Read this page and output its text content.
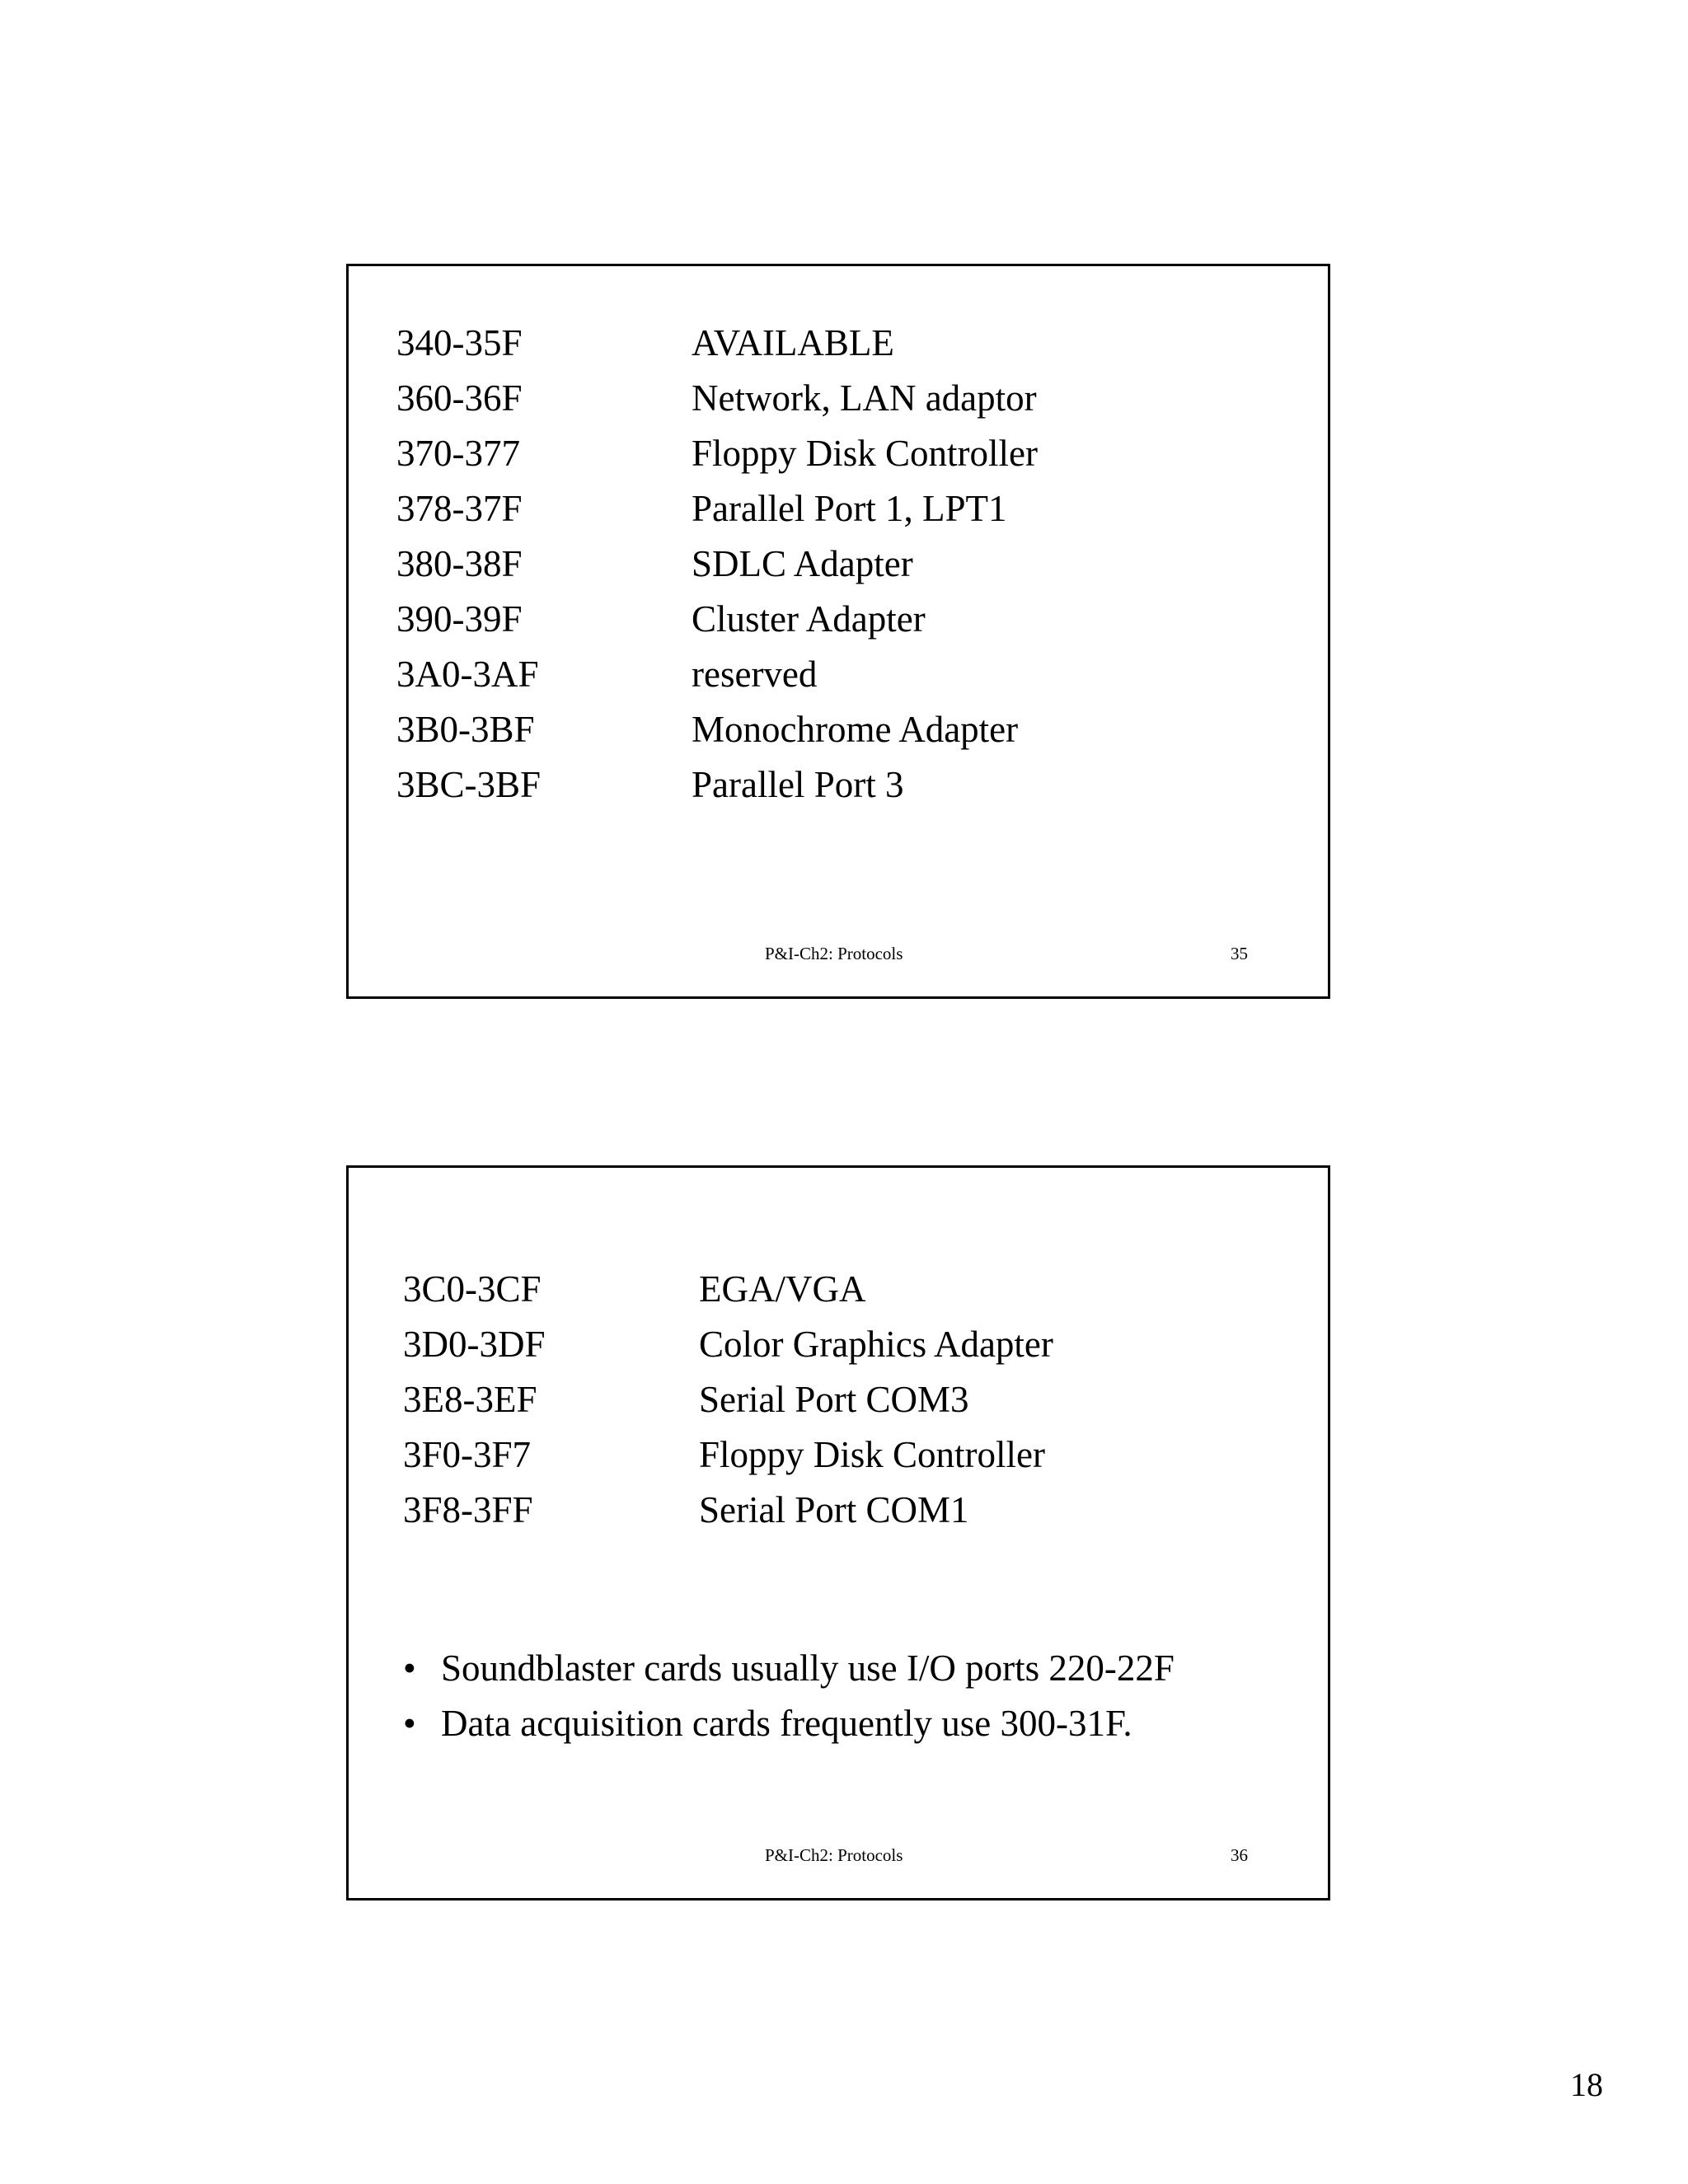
340-35F	AVAILABLE
360-36F	Network, LAN adaptor
370-377	Floppy Disk Controller
378-37F	Parallel Port 1, LPT1
380-38F	SDLC Adapter
390-39F	Cluster Adapter
3A0-3AF	reserved
3B0-3BF	Monochrome Adapter
3BC-3BF	Parallel Port 3
P&I-Ch2: Protocols	35
3C0-3CF	EGA/VGA
3D0-3DF	Color Graphics Adapter
3E8-3EF	Serial Port COM3
3F0-3F7	Floppy Disk Controller
3F8-3FF	Serial Port COM1
• Soundblaster cards usually use I/O ports 220-22F
• Data acquisition cards frequently use 300-31F.
P&I-Ch2: Protocols	36
18
